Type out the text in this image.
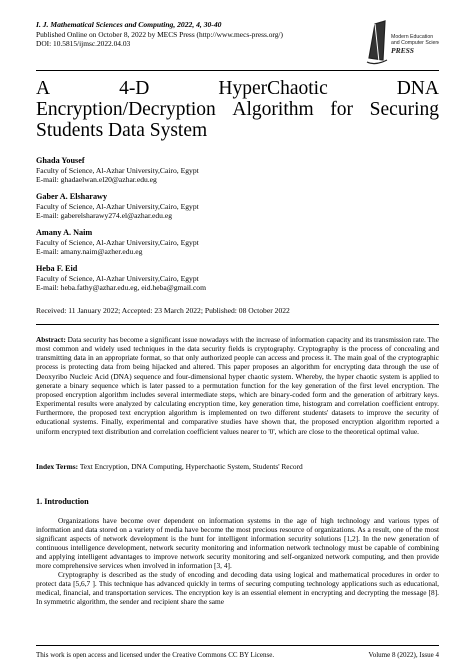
I. J. Mathematical Sciences and Computing, 2022, 4, 30-40
Published Online on October 8, 2022 by MECS Press (http://www.mecs-press.org/)
DOI: 10.5815/ijmsc.2022.04.03
Modern Education
and Computer Science
PRESS
A	4-D	HyperChaotic	DNA
Encryption/Decryption Algorithm for Securing
Students Data System
Ghada Yousef
Faculty of Science, Al-Azhar University,Cairo, Egypt
E-mail: ghadaelwan.el20@azhar.edu.eg
Gaber A. Elsharawy
Faculty of Science, Al-Azhar University,Cairo, Egypt
E-mail: gaberelsharawy274.el@azhar.edu.eg
Amany A. Naim
Faculty of Science, Al-Azhar University,Cairo, Egypt
E-mail: amany.naim@azher.edu.eg
Heba F. Eid
Faculty of Science, Al-Azhar University,Cairo, Egypt
E-mail: heba.fathy@azhar.edu.eg, eid.heba@gmail.com
Received: 11 January 2022; Accepted: 23 March 2022; Published: 08 October 2022
Abstract: Data security has become a significant issue nowadays with the increase of information capacity and its transmission rate. The most common and widely used techniques in the data security fields is cryptography. Cryptography is the process of concealing and transmitting data in an appropriate format, so that only authorized people can access and process it. The main goal of the cryptographic process is protecting data from being hijacked and altered. This paper proposes an algorithm for encrypting data through the use of Deoxyribo Nucleic Acid (DNA) sequence and four-dimensional hyper chaotic system. Whereby, the hyper chaotic system is applied to generate a binary sequence which is later passed to a permutation function for the key generation of the first level encryption. The proposed encryption algorithm includes several intermediate steps, which are binary-coded form and the generation of arbitrary keys. Experimental results were analyzed by calculating encryption time, key generation time, histogram and correlation coefficient entropy. Furthermore, the proposed text encryption algorithm is implemented on two different students' datasets to improve the security of educational systems. Finally, experimental and comparative studies have shown that, the proposed encryption algorithm reported a uniform encrypted text distribution and correlation coefficient values nearer to '0', which are close to the theoretical optimal value.
Index Terms: Text Encryption, DNA Computing, Hyperchaotic System, Students' Record
1. Introduction

Organizations have become over dependent on information systems in the age of high technology and various types of information and data stored on a variety of media have become the most precious resource of organizations. As a result, one of the most significant aspects of network development is the hunt for intelligent information security solutions [1,2]. In the new generation of continuous intelligence development, network security monitoring and information network technology must be capable of combining and applying intelligent advantages to improve network security monitoring and self-organized network computing, and then provide more comprehensive services when involved in information [3, 4].

Cryptography is described as the study of encoding and decoding data using logical and mathematical procedures in order to protect data [5,6,7 ]. This technique has advanced quickly in terms of securing computing technology applications such as educational, medical, financial, and transportation services. The encryption key is an essential element in encrypting and decrypting the message [8]. In symmetric algorithm, the sender and recipient share the same

This work is open access and licensed under the Creative Commons CC BY License.	Volume 8 (2022), Issue 4
